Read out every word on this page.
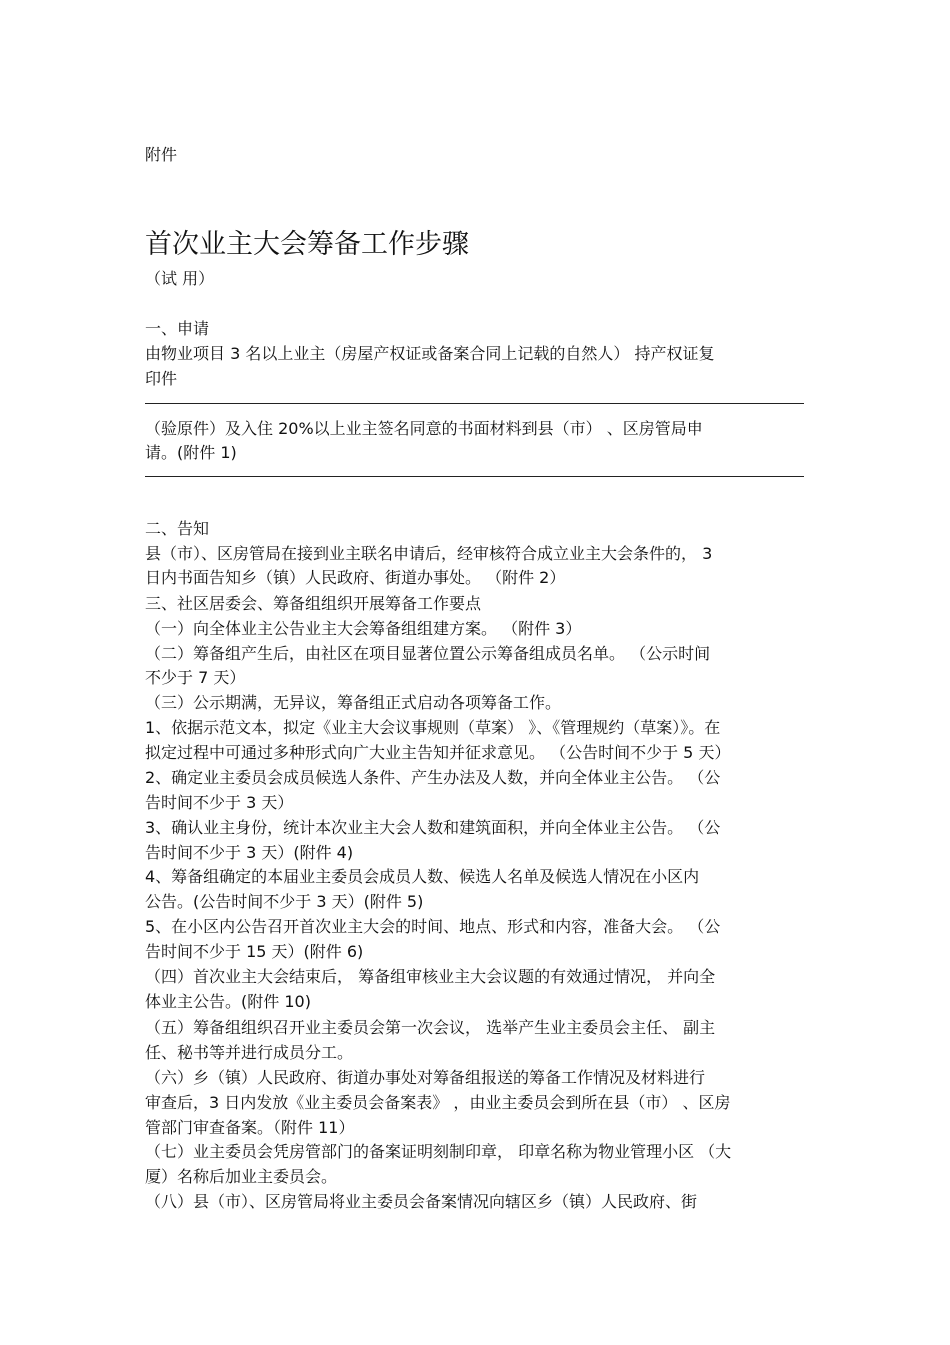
附件
首次业主大会筹备工作步骤
（试 用）
一、申请
由物业项目 3 名以上业主（房屋产权证或备案合同上记载的自然人） 持产权证复
印件
（验原件）及入住 20%以上业主签名同意的书面材料到县（市） 、区房管局申
请。(附件 1)
二、告知
县（市）、区房管局在接到业主联名申请后，经审核符合成立业主大会条件的， 3
日内书面告知乡（镇）人民政府、街道办事处。 （附件 2）
三、社区居委会、筹备组组织开展筹备工作要点
（一）向全体业主公告业主大会筹备组组建方案。 （附件 3）
（二）筹备组产生后，由社区在项目显著位置公示筹备组成员名单。 （公示时间
不少于 7 天）
（三）公示期满，无异议，筹备组正式启动各项筹备工作。
1、依据示范文本，拟定《业主大会议事规则（草案） 》、《管理规约（草案）》。在
拟定过程中可通过多种形式向广大业主告知并征求意见。 （公告时间不少于 5 天）
2、确定业主委员会成员候选人条件、产生办法及人数，并向全体业主公告。 （公
告时间不少于 3 天）
3、确认业主身份，统计本次业主大会人数和建筑面积，并向全体业主公告。 （公
告时间不少于 3 天）(附件 4)
4、筹备组确定的本届业主委员会成员人数、候选人名单及候选人情况在小区内
公告。(公告时间不少于 3 天）(附件 5)
5、在小区内公告召开首次业主大会的时间、地点、形式和内容，准备大会。 （公
告时间不少于 15 天）(附件 6)
（四）首次业主大会结束后， 筹备组审核业主大会议题的有效通过情况， 并向全
体业主公告。(附件 10)
（五）筹备组组织召开业主委员会第一次会议， 选举产生业主委员会主任、 副主
任、秘书等并进行成员分工。
（六）乡（镇）人民政府、街道办事处对筹备组报送的筹备工作情况及材料进行
审查后，3 日内发放《业主委员会备案表》 ，由业主委员会到所在县（市） 、区房
管部门审查备案。（附件 11）
（七）业主委员会凭房管部门的备案证明刻制印章， 印章名称为物业管理小区 （大
厦）名称后加业主委员会。
（八）县（市）、区房管局将业主委员会备案情况向辖区乡（镇）人民政府、街
